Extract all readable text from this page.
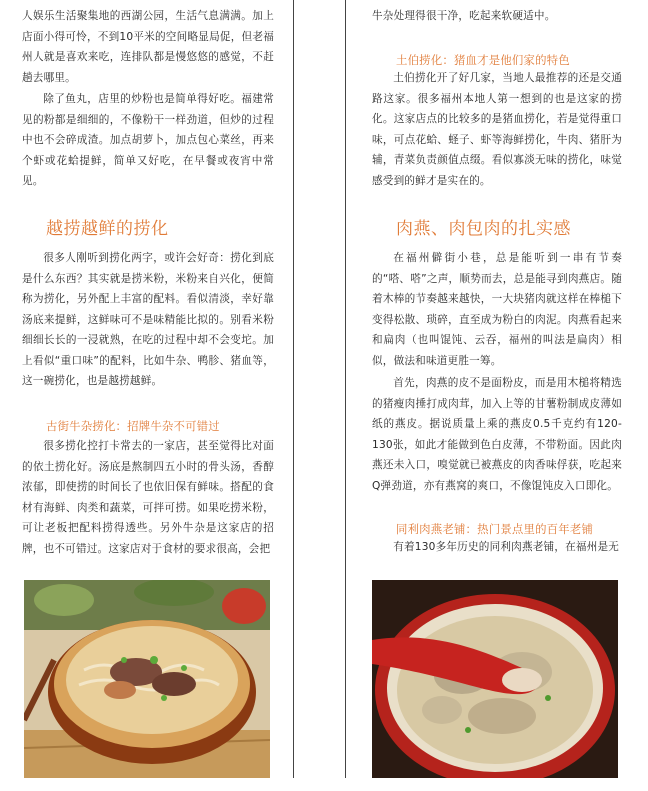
人娱乐生活聚集地的西湖公园，生活气息满满。加上店面小得可怜，不到10平米的空间略显局促，但老福州人就是喜欢来吃，连排队都是慢悠悠的感觉，不赶趟去哪里。

除了鱼丸，店里的炒粉也是简单得好吃。福建常见的粉都是细细的，不像粉干一样劲道，但炒的过程中也不会碎成渣。加点胡萝卜，加点包心菜丝，再来个虾或花蛤提鲜，简单又好吃，在早餐或夜宵中常见。

越捞越鲜的捞化

很多人刚听到捞化两字，或许会好奇：捞化到底是什么东西？其实就是捞米粉，米粉来自兴化，便简称为捞化，另外配上丰富的配料。看似清淡，幸好靠汤底来提鲜，这鲜味可不是味精能比拟的。别看米粉细细长长的一浸就熟，在吃的过程中却不会变坨。加上看似“重口味”的配料，比如牛杂、鸭胗、猪血等，这一碗捞化，也是越捞越鲜。

古街牛杂捞化：招牌牛杂不可错过

很多捞化控打卡常去的一家店，甚至觉得比对面的依土捞化好。汤底是熬制四五小时的骨头汤，香醇浓郁，即使捞的时间长了也依旧保有鲜味。搭配的食材有海鲜、肉类和蔬菜，可拌可捞。如果吃捞米粉，可让老板把配料捞得透些。另外牛杂是这家店的招牌，也不可错过。这家店对于食材的要求很高，会把

牛杂处理得很干净，吃起来软硬适中。

土伯捞化：猪血才是他们家的特色

土伯捞化开了好几家，当地人最推荐的还是交通路这家。很多福州本地人第一想到的也是这家的捞化。这家店点的比较多的是猪血捞化，若是觉得重口味，可点花蛤、蛏子、虾等海鲜捞化，牛肉、猪肝为辅，青菜负责颜值点缀。看似寡淡无味的捞化，味觉感受到的鲜才是实在的。

肉燕、肉包肉的扎实感

在福州僻街小巷，总是能听到一串有节奏的“嗒、嗒”之声，顺势而去，总是能寻到肉燕店。随着木棒的节奏越来越快，一大块猪肉就这样在棒槌下变得松散、琐碎，直至成为粉白的肉泥。肉燕看起来和扁肉（也叫馄饨、云吞，福州的叫法是扁肉）相似，做法和味道更胜一筹。

首先，肉燕的皮不是面粉皮，而是用木槌将精选的猪瘦肉捶打成肉茸，加入上等的甘薯粉制成皮薄如纸的燕皮。据说质量上乘的燕皮0.5千克约有120-130张，如此才能做到色白皮薄，不带粉面。因此肉燕还未入口，嗅觉就已被燕皮的肉香味俘获，吃起来Q弹劲道，亦有燕窝的爽口，不像馄饨皮入口即化。

同利肉燕老铺：热门景点里的百年老铺

有着130多年历史的同利肉燕老铺，在福州是无
